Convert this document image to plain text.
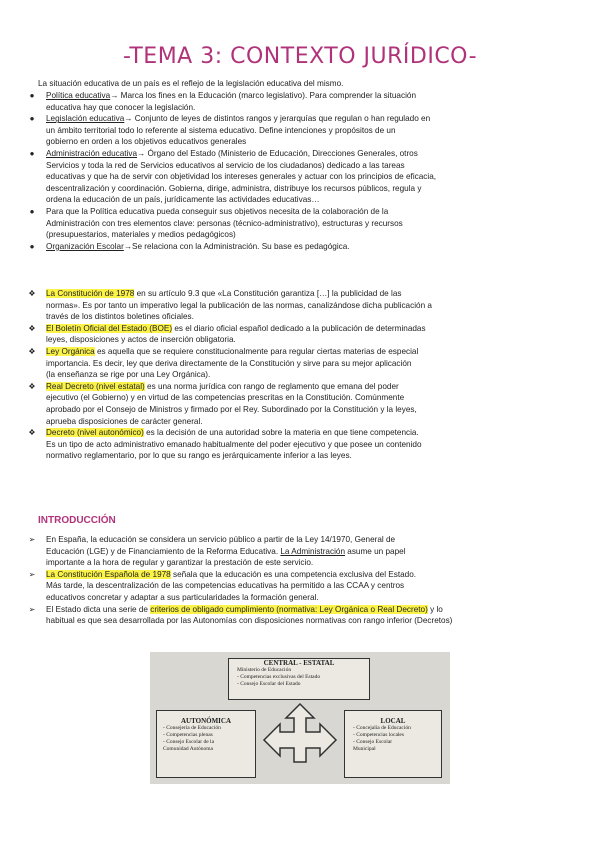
-TEMA 3: CONTEXTO JURÍDICO-
La situación educativa de un país es el reflejo de la legislación educativa del mismo.
●	Política educativa→ Marca los fines en la Educación (marco legislativo). Para comprender la situación
educativa hay que conocer la legislación.
●	Legislación educativa→ Conjunto de leyes de distintos rangos y jerarquías que regulan o han regulado en
un ámbito territorial todo lo referente al sistema educativo. Define intenciones y propósitos de un
gobierno en orden a los objetivos educativos generales
●	Administración educativa→ Órgano del Estado (Ministerio de Educación, Direcciones Generales, otros
Servicios y toda la red de Servicios educativos al servicio de los ciudadanos) dedicado a las tareas
educativas y que ha de servir con objetividad los intereses generales y actuar con los principios de eficacia,
descentralización y coordinación. Gobierna, dirige, administra, distribuye los recursos públicos, regula y
ordena la educación de un país, jurídicamente las actividades educativas…
●	Para que la Política educativa pueda conseguir sus objetivos necesita de la colaboración de la
Administración con tres elementos clave: personas (técnico-administrativo), estructuras y recursos
(presupuestarios, materiales y medios pedagógicos)
●	Organización Escolar→Se relaciona con la Administración. Su base es pedagógica.
❖ La Constitución de 1978 en su artículo 9.3 que «La Constitución garantiza […] la publicidad de las
normas». Es por tanto un imperativo legal la publicación de las normas, canalizándose dicha publicación a
través de los distintos boletines oficiales.
❖ El Boletín Oficial del Estado (BOE) es el diario oficial español dedicado a la publicación de determinadas
leyes, disposiciones y actos de inserción obligatoria.
❖ Ley Orgánica es aquella que se requiere constitucionalmente para regular ciertas materias de especial
importancia. Es decir, ley que deriva directamente de la Constitución y sirve para su mejor aplicación
(la enseñanza se rige por una Ley Orgánica).
❖ Real Decreto (nivel estatal) es una norma jurídica con rango de reglamento que emana del poder
ejecutivo (el Gobierno) y en virtud de las competencias prescritas en la Constitución. Comúnmente
aprobado por el Consejo de Ministros y firmado por el Rey. Subordinado por la Constitución y la leyes,
aprueba disposiciones de carácter general.
❖ Decreto (nivel autonómico) es la decisión de una autoridad sobre la materia en que tiene competencia.
Es un tipo de acto administrativo emanado habitualmente del poder ejecutivo y que posee un contenido
normativo reglamentario, por lo que su rango es jerárquicamente inferior a las leyes.
INTRODUCCIÓN
➢	En España, la educación se considera un servicio público a partir de la Ley 14/1970, General de
Educación (LGE) y de Financiamiento de la Reforma Educativa. La Administración asume un papel
importante a la hora de regular y garantizar la prestación de este servicio.
➢	La Constitución Española de 1978 señala que la educación es una competencia exclusiva del Estado.
Más tarde, la descentralización de las competencias educativas ha permitido a las CCAA y centros
educativos concretar y adaptar a sus particularidades la formación general.
➢	El Estado dicta una serie de criterios de obligado cumplimiento (normativa: Ley Orgánica o Real Decreto) y lo
habitual es que sea desarrollada por las Autonomías con disposiciones normativas con rango inferior (Decretos)
CENTRAL - ESTATAL
Ministerio de Educación
- Competencias exclusivas del Estado
- Consejo Escolar del Estado
AUTONÓMICA
- Consejería de Educación
- Competencias plenas
- Consejo Escolar de la
Comunidad Autónoma
LOCAL
- Concejalía de Educación
- Competencias locales
- Consejo Escolar
Municipal
